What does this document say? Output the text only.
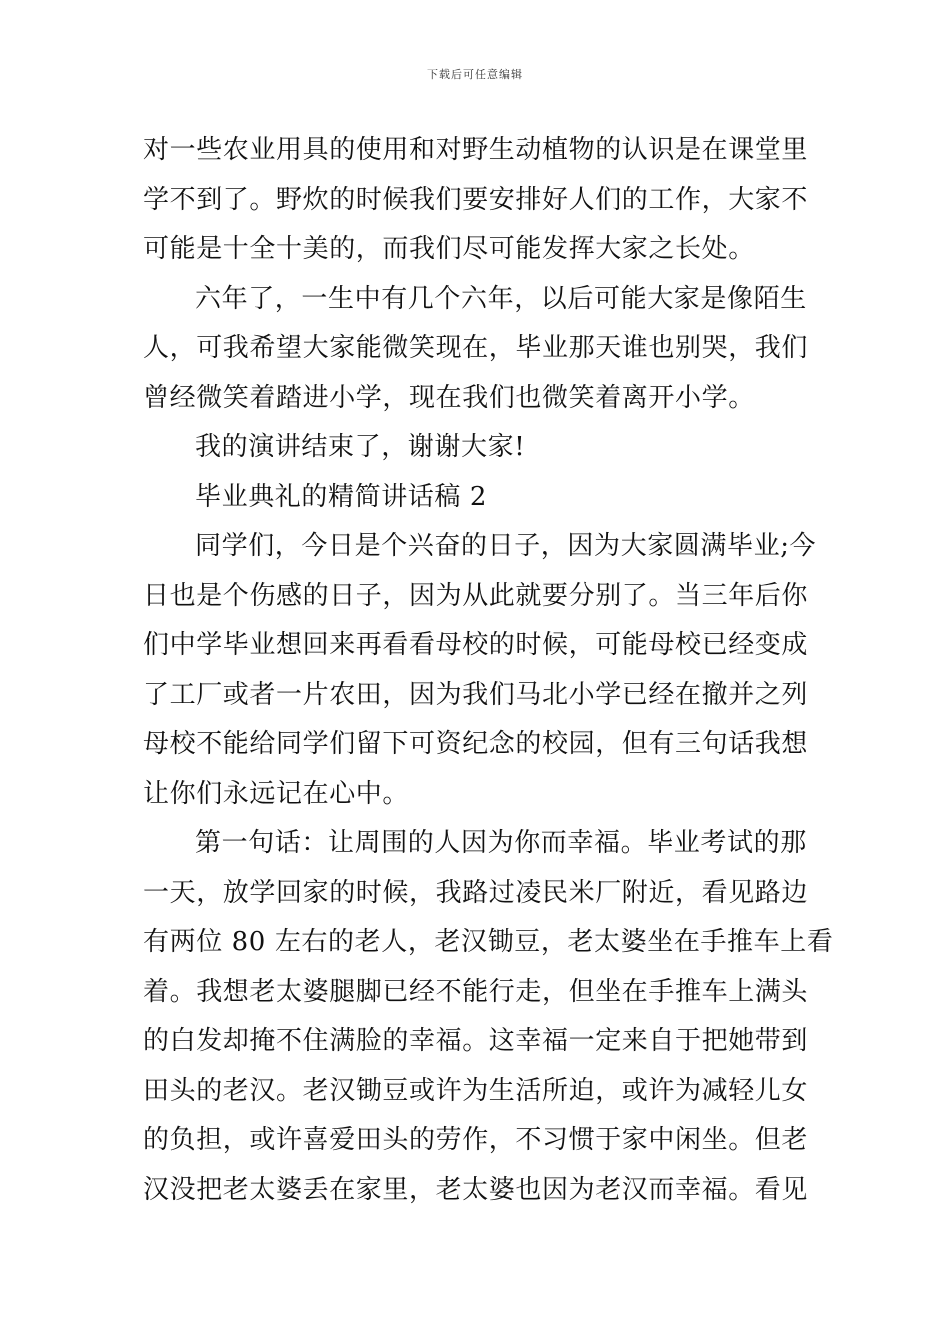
下载后可任意编辑
对一些农业用具的使用和对野生动植物的认识是在课堂里
学不到了。野炊的时候我们要安排好人们的工作，大家不
可能是十全十美的，而我们尽可能发挥大家之长处。
六年了，一生中有几个六年，以后可能大家是像陌生
人，可我希望大家能微笑现在，毕业那天谁也别哭，我们
曾经微笑着踏进小学，现在我们也微笑着离开小学。
我的演讲结束了，谢谢大家!
毕业典礼的精简讲话稿 2
同学们，今日是个兴奋的日子，因为大家圆满毕业;今
日也是个伤感的日子，因为从此就要分别了。当三年后你
们中学毕业想回来再看看母校的时候，可能母校已经变成
了工厂或者一片农田，因为我们马北小学已经在撤并之列
母校不能给同学们留下可资纪念的校园，但有三句话我想
让你们永远记在心中。
第一句话：让周围的人因为你而幸福。毕业考试的那
一天，放学回家的时候，我路过凌民米厂附近，看见路边
有两位 80 左右的老人，老汉锄豆，老太婆坐在手推车上看
着。我想老太婆腿脚已经不能行走，但坐在手推车上满头
的白发却掩不住满脸的幸福。这幸福一定来自于把她带到
田头的老汉。老汉锄豆或许为生活所迫，或许为减轻儿女
的负担，或许喜爱田头的劳作，不习惯于家中闲坐。但老
汉没把老太婆丢在家里，老太婆也因为老汉而幸福。看见
